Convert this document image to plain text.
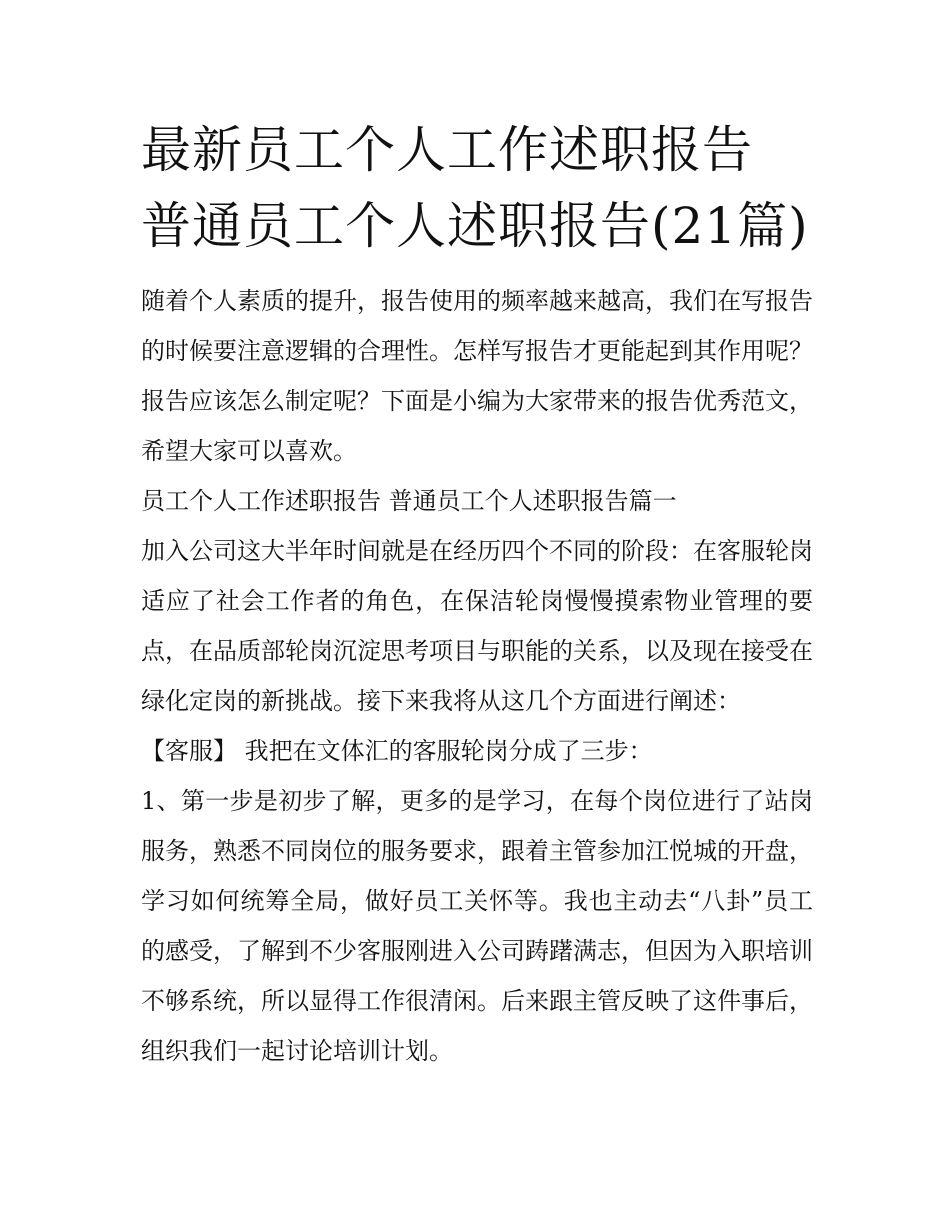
最新员工个人工作述职报告 普通员工个人述职报告(21篇)

随着个人素质的提升，报告使用的频率越来越高，我们在写报告的时候要注意逻辑的合理性。怎样写报告才更能起到其作用呢？报告应该怎么制定呢？下面是小编为大家带来的报告优秀范文，希望大家可以喜欢。

员工个人工作述职报告 普通员工个人述职报告篇一

加入公司这大半年时间就是在经历四个不同的阶段：在客服轮岗适应了社会工作者的角色，在保洁轮岗慢慢摸索物业管理的要点，在品质部轮岗沉淀思考项目与职能的关系，以及现在接受在绿化定岗的新挑战。接下来我将从这几个方面进行阐述：

【客服】 我把在文体汇的客服轮岗分成了三步：

1、第一步是初步了解，更多的是学习，在每个岗位进行了站岗服务，熟悉不同岗位的服务要求，跟着主管参加江悦城的开盘，学习如何统筹全局，做好员工关怀等。我也主动去“八卦”员工的感受，了解到不少客服刚进入公司踌躇满志，但因为入职培训不够系统，所以显得工作很清闲。后来跟主管反映了这件事后，组织我们一起讨论培训计划。
